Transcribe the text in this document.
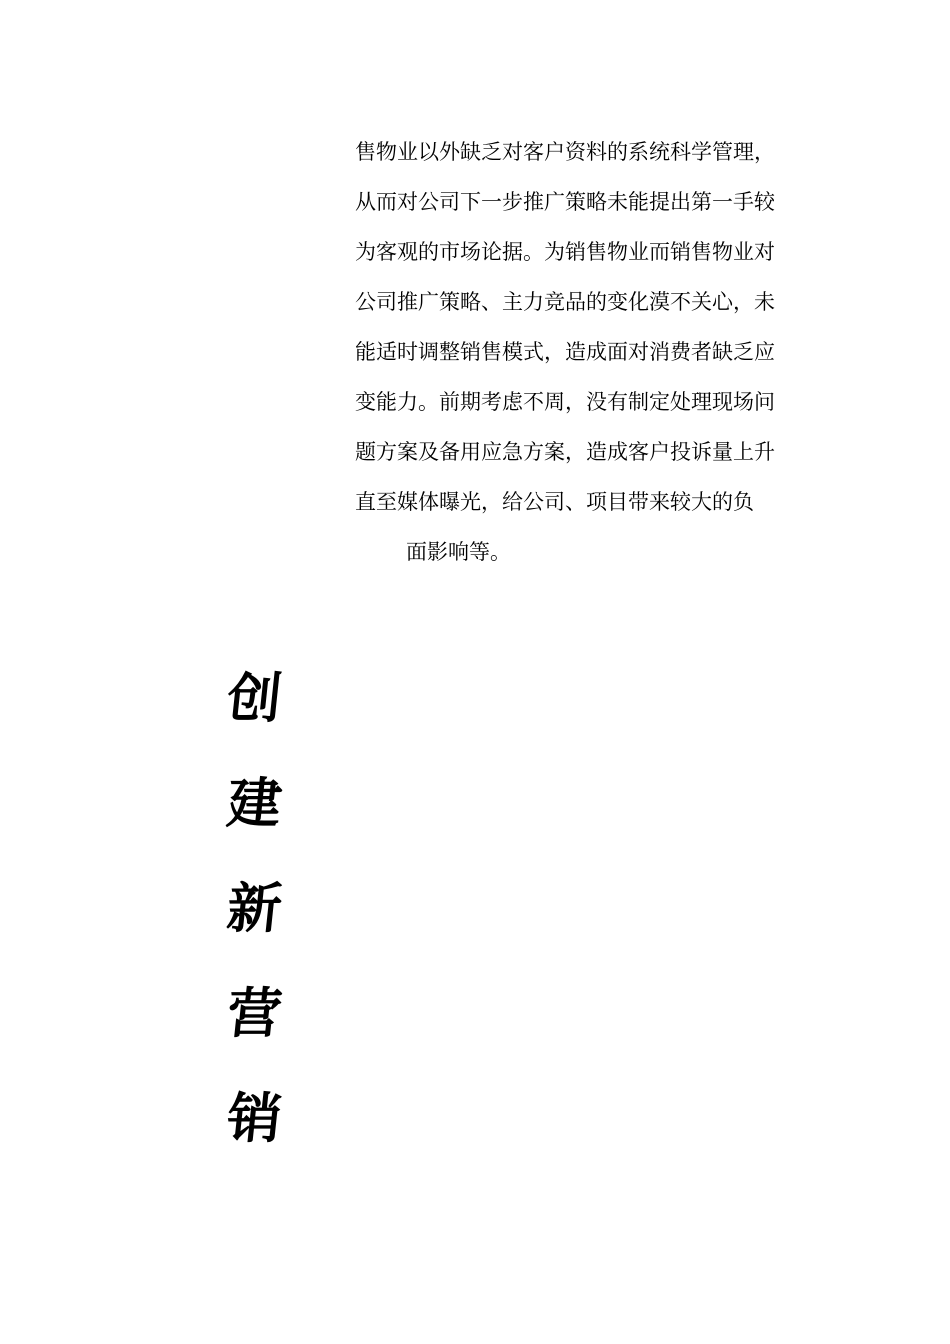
售物业以外缺乏对客户资料的系统科学管理，
从而对公司下一步推广策略未能提出第一手较
为客观的市场论据。为销售物业而销售物业对
公司推广策略、主力竞品的变化漠不关心，未
能适时调整销售模式，造成面对消费者缺乏应
变能力。前期考虑不周，没有制定处理现场问
题方案及备用应急方案，造成客户投诉量上升
直至媒体曝光，给公司、项目带来较大的负
面影响等。
创
建
新
营
销
